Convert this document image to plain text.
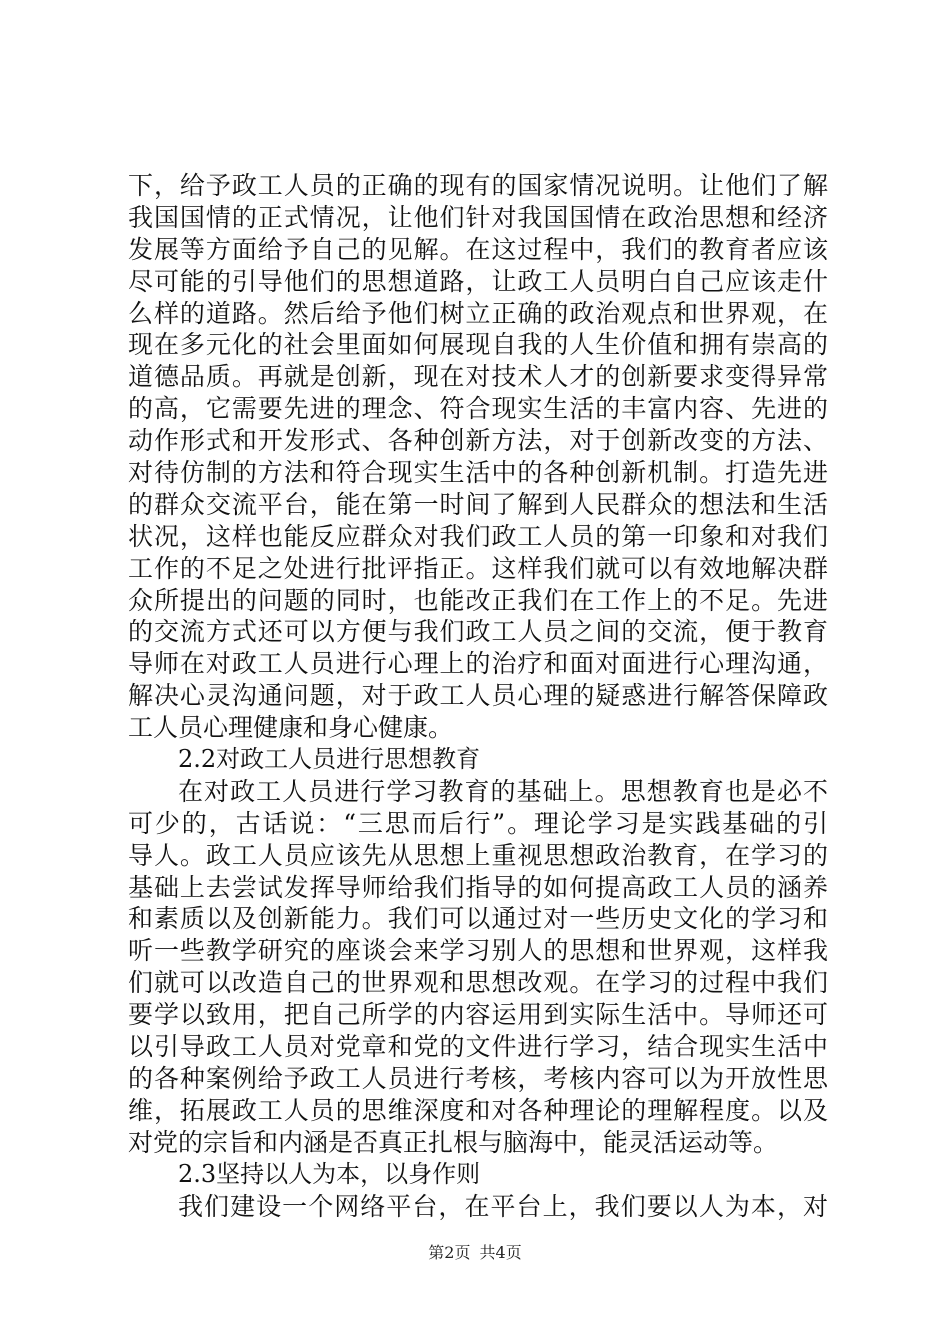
下，给予政工人员的正确的现有的国家情况说明。让他们了解
我国国情的正式情况，让他们针对我国国情在政治思想和经济
发展等方面给予自己的见解。在这过程中，我们的教育者应该
尽可能的引导他们的思想道路，让政工人员明白自己应该走什
么样的道路。然后给予他们树立正确的政治观点和世界观，在
现在多元化的社会里面如何展现自我的人生价值和拥有崇高的
道德品质。再就是创新，现在对技术人才的创新要求变得异常
的高，它需要先进的理念、符合现实生活的丰富内容、先进的
动作形式和开发形式、各种创新方法，对于创新改变的方法、
对待仿制的方法和符合现实生活中的各种创新机制。打造先进
的群众交流平台，能在第一时间了解到人民群众的想法和生活
状况，这样也能反应群众对我们政工人员的第一印象和对我们
工作的不足之处进行批评指正。这样我们就可以有效地解决群
众所提出的问题的同时，也能改正我们在工作上的不足。先进
的交流方式还可以方便与我们政工人员之间的交流，便于教育
导师在对政工人员进行心理上的治疗和面对面进行心理沟通，
解决心灵沟通问题，对于政工人员心理的疑惑进行解答保障政
工人员心理健康和身心健康。
2.2对政工人员进行思想教育
在对政工人员进行学习教育的基础上。思想教育也是必不
可少的，古话说：“三思而后行”。理论学习是实践基础的引
导人。政工人员应该先从思想上重视思想政治教育，在学习的
基础上去尝试发挥导师给我们指导的如何提高政工人员的涵养
和素质以及创新能力。我们可以通过对一些历史文化的学习和
听一些教学研究的座谈会来学习别人的思想和世界观，这样我
们就可以改造自己的世界观和思想改观。在学习的过程中我们
要学以致用，把自己所学的内容运用到实际生活中。导师还可
以引导政工人员对党章和党的文件进行学习，结合现实生活中
的各种案例给予政工人员进行考核，考核内容可以为开放性思
维，拓展政工人员的思维深度和对各种理论的理解程度。以及
对党的宗旨和内涵是否真正扎根与脑海中，能灵活运动等。
2.3坚持以人为本，以身作则
我们建设一个网络平台，在平台上，我们要以人为本，对
第2页 共4页
